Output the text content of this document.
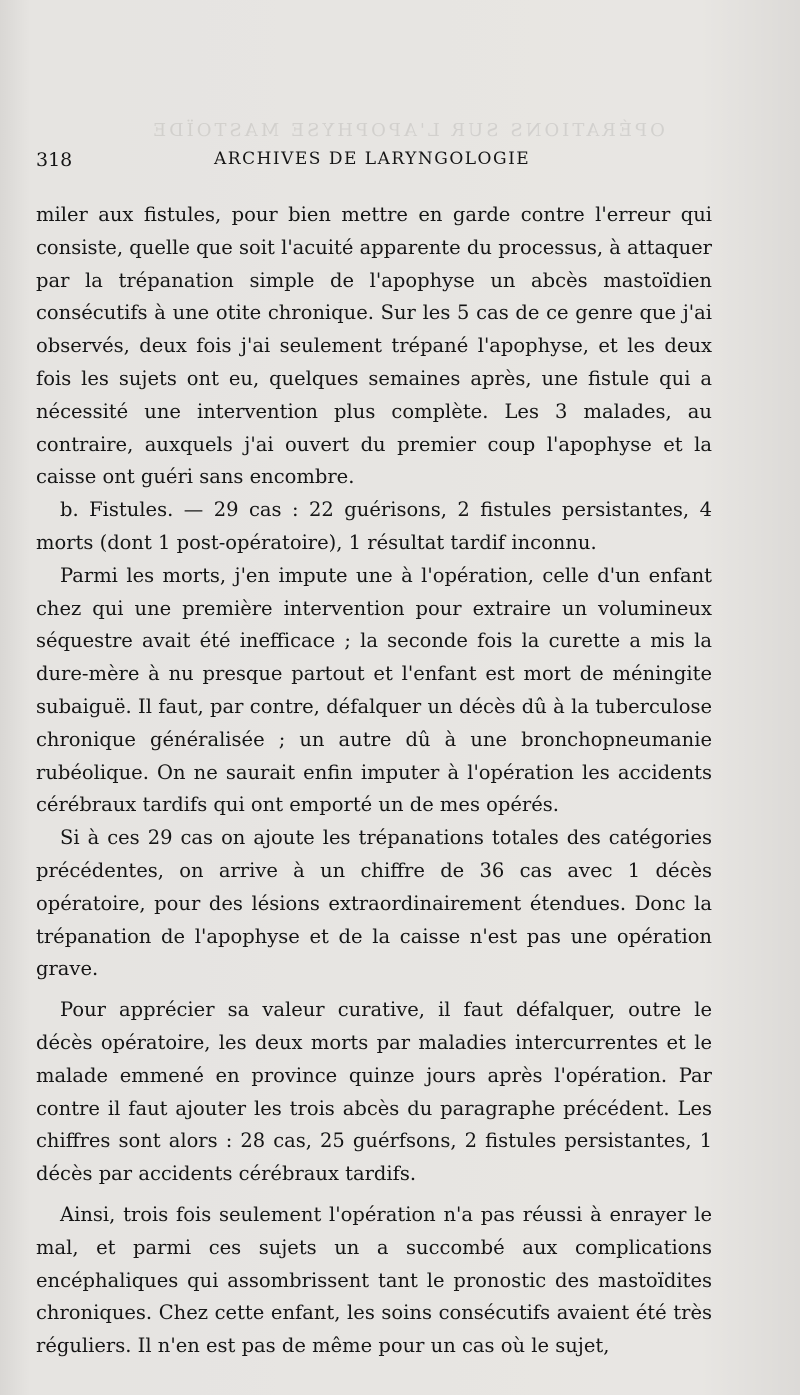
OPÉRATIONS SUR L'APOPHYSE MASTOÏDE
318	ARCHIVES DE LARYNGOLOGIE

miler aux fistules, pour bien mettre en garde contre l'erreur qui consiste, quelle que soit l'acuité apparente du processus, à attaquer par la trépanation simple de l'apophyse un abcès mastoïdien consécutifs à une otite chronique. Sur les 5 cas de ce genre que j'ai observés, deux fois j'ai seulement trépané l'apophyse, et les deux fois les sujets ont eu, quelques semaines après, une fistule qui a nécessité une intervention plus complète. Les 3 malades, au contraire, auxquels j'ai ouvert du premier coup l'apophyse et la caisse ont guéri sans encombre.

b. Fistules. — 29 cas : 22 guérisons, 2 fistules persistantes, 4 morts (dont 1 post-opératoire), 1 résultat tardif inconnu.

Parmi les morts, j'en impute une à l'opération, celle d'un enfant chez qui une première intervention pour extraire un volumineux séquestre avait été inefficace ; la seconde fois la curette a mis la dure-mère à nu presque partout et l'enfant est mort de méningite subaiguë. Il faut, par contre, défalquer un décès dû à la tuberculose chronique généralisée ; un autre dû à une bronchopneumanie rubéolique. On ne saurait enfin imputer à l'opération les accidents cérébraux tardifs qui ont emporté un de mes opérés.

Si à ces 29 cas on ajoute les trépanations totales des catégories précédentes, on arrive à un chiffre de 36 cas avec 1 décès opératoire, pour des lésions extraordinairement étendues. Donc la trépanation de l'apophyse et de la caisse n'est pas une opération grave.

Pour apprécier sa valeur curative, il faut défalquer, outre le décès opératoire, les deux morts par maladies intercurrentes et le malade emmené en province quinze jours après l'opération. Par contre il faut ajouter les trois abcès du paragraphe précédent. Les chiffres sont alors : 28 cas, 25 guérfsons, 2 fistules persistantes, 1 décès par accidents cérébraux tardifs.

Ainsi, trois fois seulement l'opération n'a pas réussi à enrayer le mal, et parmi ces sujets un a succombé aux complications encéphaliques qui assombrissent tant le pronostic des mastoïdites chroniques. Chez cette enfant, les soins consécutifs avaient été très réguliers. Il n'en est pas de même pour un cas où le sujet,
